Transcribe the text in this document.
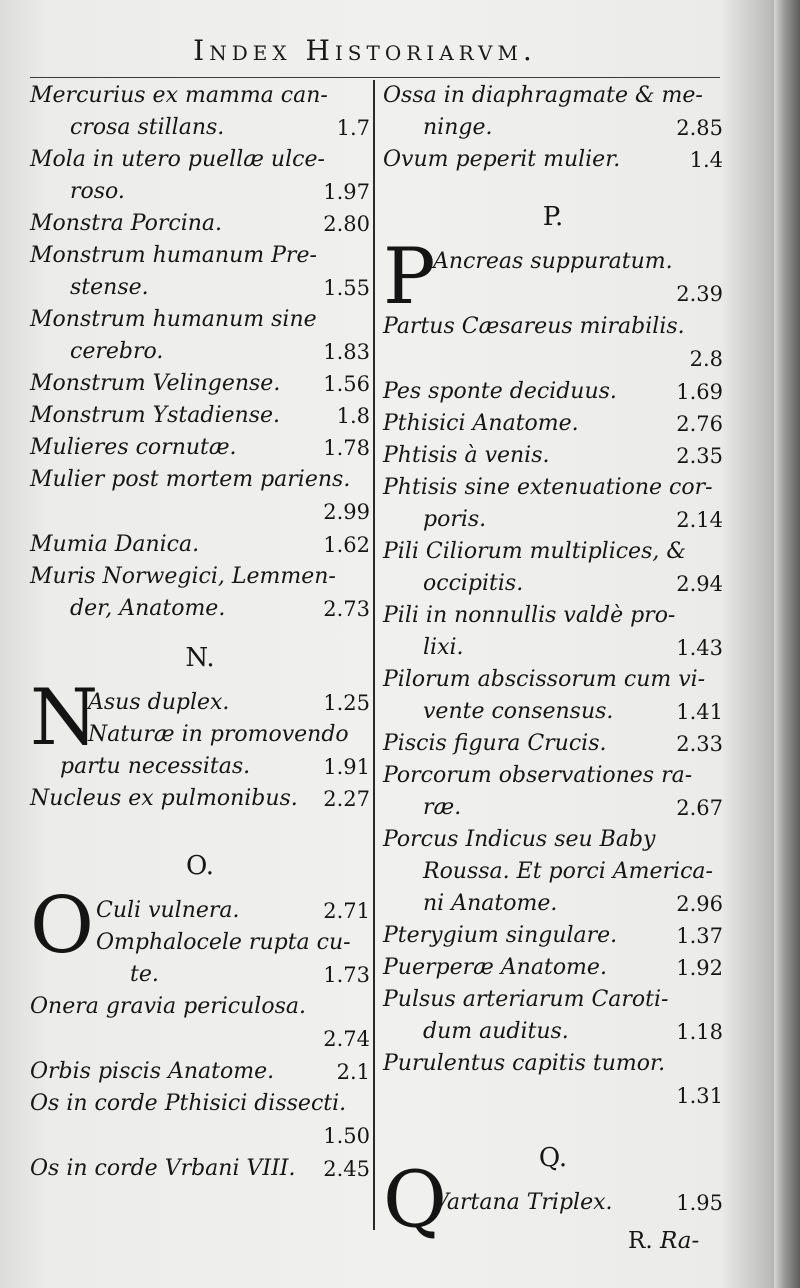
Index Historiarvm.
Mercurius ex mamma can-
crosa stillans.	1.7
Mola in utero puellæ ulce-
roso.	1.97
Monstra Porcina.	2.80
Monstrum humanum Pre-
stense.	1.55
Monstrum humanum sine
cerebro.	1.83
Monstrum Velingense. 1.56
Monstrum Ystadiense.	1.8
Mulieres cornutæ.	1.78
Mulier post mortem pariens.
2.99
Mumia Danica.	1.62
Muris Norwegici, Lemmen-
der, Anatome.	2.73
N.
N
Asus duplex.	1.25
Naturæ in promovendo
partu necessitas.	1.91
Nucleus ex pulmonibus. 2.27
O.
O Culi vulnera.	2.71
Omphalocele rupta cu-
te.	1.73
Onera gravia periculosa.
2.74
Orbis piscis Anatome.	2.1
Os in corde Pthisici dissecti.
1.50
Os in corde Vrbani VIII. 2.45
Ossa in diaphragmate & me-
ninge.	2.85
Ovum peperit mulier.	1.4
P.
P
Ancreas suppuratum.
2.39
Partus Cæsareus mirabilis.
2.8
Pes sponte deciduus.	1.69
Pthisici Anatome.	2.76
Phtisis à venis.	2.35
Phtisis sine extenuatione cor-
poris.	2.14
Pili Ciliorum multiplices, &
occipitis.	2.94
Pili in nonnullis valdè pro-
lixi.	1.43
Pilorum abscissorum cum vi-
vente consensus.	1.41
Piscis figura Crucis.	2.33
Porcorum observationes ra-
ræ.	2.67
Porcus Indicus seu Baby
Roussa. Et porci America-
ni Anatome.	2.96
Pterygium singulare.	1.37
Puerperæ Anatome.	1.92
Pulsus arteriarum Caroti-
dum auditus.	1.18
Purulentus capitis tumor.
1.31
Q.
Q
Vartana Triplex.	1.95
R. Ra-
